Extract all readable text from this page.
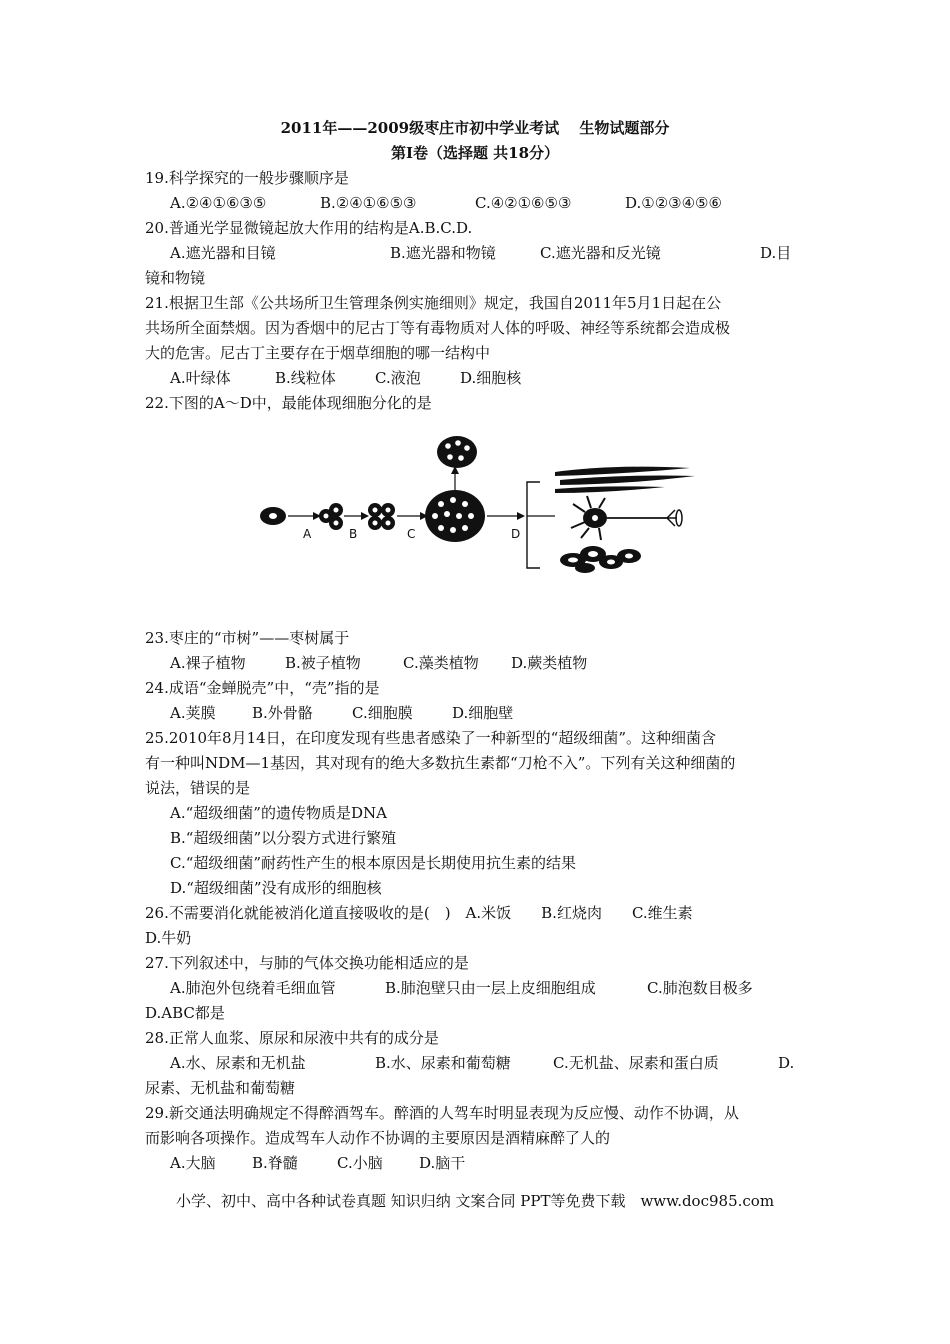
2011年——2009级枣庄市初中学业考试　 生物试题部分
第Ⅰ卷（选择题 共18分）
19.科学探究的一般步骤顺序是
A.②④①⑥③⑤	B.②④①⑥⑤③	C.④②①⑥⑤③	D.①②③④⑤⑥
20.普通光学显微镜起放大作用的结构是A.B.C.D.
A.遮光器和目镜	B.遮光器和物镜	C.遮光器和反光镜	D.目
镜和物镜
21.根据卫生部《公共场所卫生管理条例实施细则》规定，我国自2011年5月1日起在公
共场所全面禁烟。因为香烟中的尼古丁等有毒物质对人体的呼吸、神经等系统都会造成极
大的危害。尼古丁主要存在于烟草细胞的哪一结构中
A.叶绿体	B.线粒体	C.液泡	D.细胞核
22.下图的A～D中，最能体现细胞分化的是
A	B	C	D
23.枣庄的“市树”——枣树属于
A.裸子植物	B.被子植物	C.藻类植物 D.蕨类植物
24.成语“金蝉脱壳”中，“壳”指的是
A.荚膜 B.外骨骼	C.细胞膜	D.细胞壁
25.2010年8月14日，在印度发现有些患者感染了一种新型的“超级细菌”。这种细菌含
有一种叫NDM—1基因，其对现有的绝大多数抗生素都“刀枪不入”。下列有关这种细菌的
说法，错误的是
A.“超级细菌”的遗传物质是DNA
B.“超级细菌”以分裂方式进行繁殖
C.“超级细菌”耐药性产生的根本原因是长期使用抗生素的结果
D.“超级细菌”没有成形的细胞核
26.不需要消化就能被消化道直接吸收的是(　)　A.米饭　　B.红烧肉　　C.维生素
D.牛奶
27.下列叙述中，与肺的气体交换功能相适应的是
A.肺泡外包绕着毛细血管	B.肺泡壁只由一层上皮细胞组成	C.肺泡数目极多
D.ABC都是
28.正常人血浆、原尿和尿液中共有的成分是
A.水、尿素和无机盐	B.水、尿素和葡萄糖	C.无机盐、尿素和蛋白质	D.
尿素、无机盐和葡萄糖
29.新交通法明确规定不得醉酒驾车。醉酒的人驾车时明显表现为反应慢、动作不协调，从
而影响各项操作。造成驾车人动作不协调的主要原因是酒精麻醉了人的
A.大脑 B.脊髓	C.小脑 D.脑干
小学、初中、高中各种试卷真题 知识归纳 文案合同 PPT等免费下载　www.doc985.com
